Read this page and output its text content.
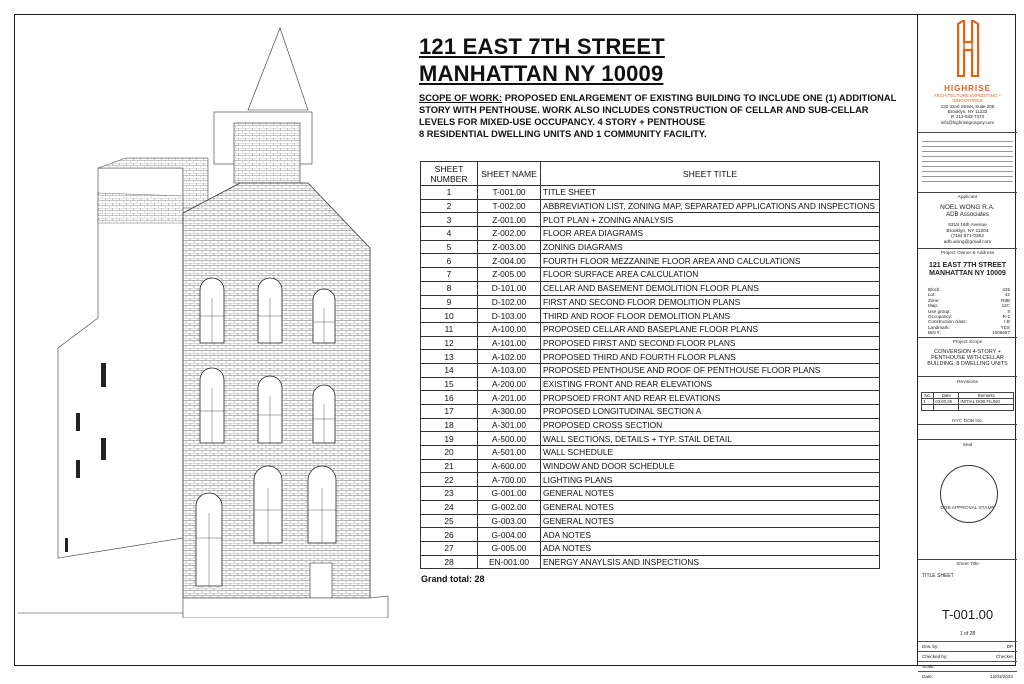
121 EAST 7TH STREET
MANHATTAN NY 10009
SCOPE OF WORK: PROPOSED ENLARGEMENT OF EXISTING BUILDING TO INCLUDE ONE (1) ADDITIONAL STORY WITH PENTHOUSE. WORK ALSO INCLUDES CONSTRUCTION OF CELLAR AND SUB-CELLAR LEVELS FOR MIXED-USE OCCUPANCY. 4 STORY + PENTHOUSE
8 RESIDENTIAL DWELLING UNITS AND 1 COMMUNITY FACILITY.
SHEET NUMBER	SHEET NAME	SHEET TITLE
1	T-001.00	TITLE SHEET
2	T-002.00	ABBREVIATION LIST, ZONING MAP, SEPARATED APPLICATIONS AND INSPECTIONS
3	Z-001.00	PLOT PLAN + ZONING ANALYSIS
4	Z-002.00	FLOOR AREA DIAGRAMS
5	Z-003.00	ZONING DIAGRAMS
6	Z-004.00	FOURTH FLOOR MEZZANINE FLOOR AREA AND CALCULATIONS
7	Z-005.00	FLOOR SURFACE AREA CALCULATION
8	D-101.00	CELLAR AND BASEMENT DEMOLITION FLOOR PLANS
9	D-102.00	FIRST AND SECOND FLOOR DEMOLITION PLANS
10	D-103.00	THIRD AND ROOF FLOOR DEMOLITION PLANS
11	A-100.00	PROPOSED CELLAR AND BASEPLANE FLOOR PLANS
12	A-101.00	PROPOSED FIRST AND SECOND FLOOR PLANS
13	A-102.00	PROPOSED THIRD AND FOURTH FLOOR PLANS
14	A-103.00	PROPOSED PENTHOUSE AND ROOF OF PENTHOUSE FLOOR PLANS
15	A-200.00	EXISTING FRONT AND REAR ELEVATIONS
16	A-201.00	PROPSOED FRONT AND REAR ELEVATIONS
17	A-300.00	PROPOSED LONGITUDINAL SECTION A
18	A-301.00	PROPOSED CROSS SECTION
19	A-500.00	WALL SECTIONS, DETAILS + TYP. STAIL DETAIL
20	A-501.00	WALL SCHEDULE
21	A-600.00	WINDOW AND DOOR SCHEDULE
22	A-700.00	LIGHTING PLANS
23	G-001.00	GENERAL NOTES
24	G-002.00	GENERAL NOTES
25	G-003.00	GENERAL NOTES
26	G-004.00	ADA NOTES
27	G-005.00	ADA NOTES
28	EN-001.00	ENERGY ANAYLSIS AND INSPECTIONS
Grand total: 28
HIGHRISE
ARCHITECTURE EXPEDITING + INNOVATIONS
132 32nd Street, Suite 205
Brooklyn, NY 11232
P. 212-933-7473
info@highrisegroupny.com
Applicant
NOEL WONG R.A.
ADB Associates
5318 16th Avenue
Brooklyn, NY 11204
(718) 871-0382
adb.wong@gmail.com
Project Owner & Address
121 EAST 7TH STREET MANHATTAN NY 10009
Block:	435
Lot:	42
Zone:	R8B
Map:	12C
Use group:	II
Occupancy:	R-2
Construction class:	I-B
Landmark:	YES
BIN #:	1006657
Project Scope
CONVERSION 4-STORY + PENTHOUSE WITH CELLAR BUILDING. 8 DWELLING UNITS
Revisions
No.	Date	Remarks
1	02.03.25	INITIAL DOB FILING

NYC DOB No.
Seal
DOB APPROVAL STAMP
Sheet Title
TITLE SHEET
T-001.00
1 of 28
Drw. by:	DP
Checked by:	Checker
Scale:
Date:	12/03/2024
